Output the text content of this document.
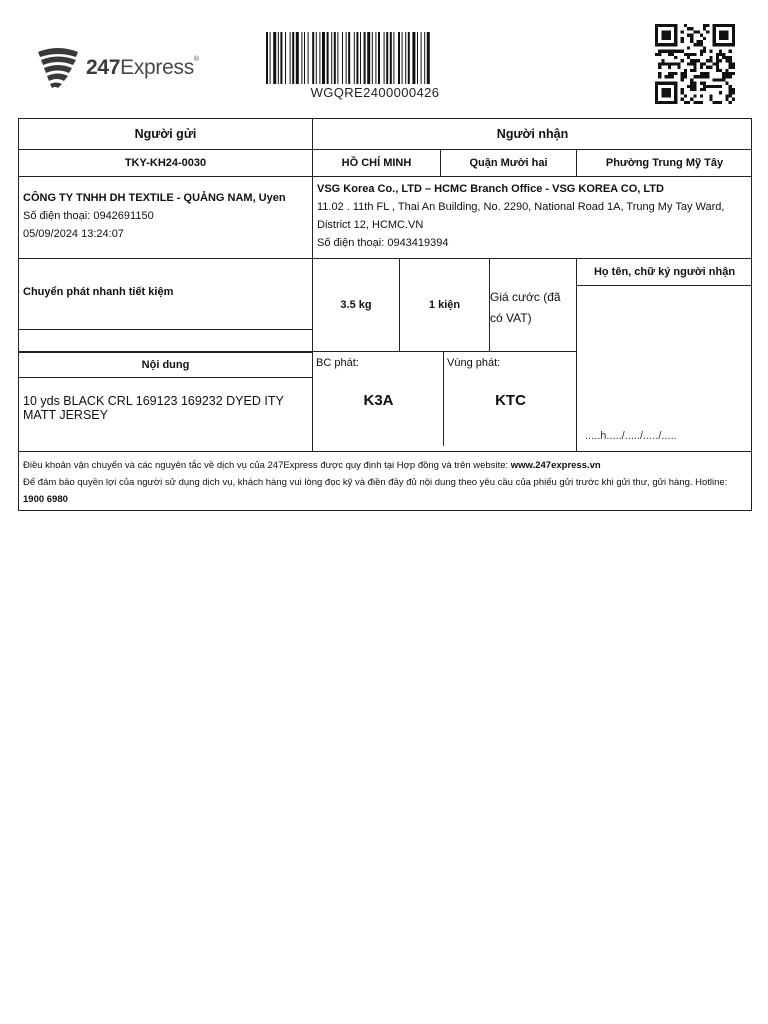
247Express®
WGQRE2400000426
Người gửi	Người nhận
TKY-KH24-0030	HỒ CHÍ MINH	Quận Mười hai	Phường Trung Mỹ Tây
CÔNG TY TNHH DH TEXTILE - QUẢNG NAM, Uyen
Số điện thoại: 0942691150
05/09/2024 13:24:07
VSG Korea Co., LTD – HCMC Branch Office - VSG KOREA CO, LTD
11.02 . 11th FL , Thai An Building, No. 2290, National Road 1A, Trung My Tay Ward, District 12, HCMC.VN
Số điện thoại: 0943419394
Chuyển phát nhanh tiết kiệm
3.5 kg	1 kiện
Giá cước (đã có VAT)
Họ tên, chữ ký người nhận
.....h...../...../...../.....
Nội dung
10 yds BLACK CRL 169123 169232 DYED ITY MATT JERSEY
BC phát:
K3A
Vùng phát:
KTC
Điều khoản vận chuyển và các nguyên tắc về dịch vụ của 247Express được quy định tại Hợp đồng và trên website: www.247express.vn
Để đảm bảo quyền lợi của người sử dụng dịch vụ, khách hàng vui lòng đọc kỹ và điền đầy đủ nội dung theo yêu cầu của phiếu gửi trước khi gửi thư, gửi hàng. Hotline:
1900 6980
